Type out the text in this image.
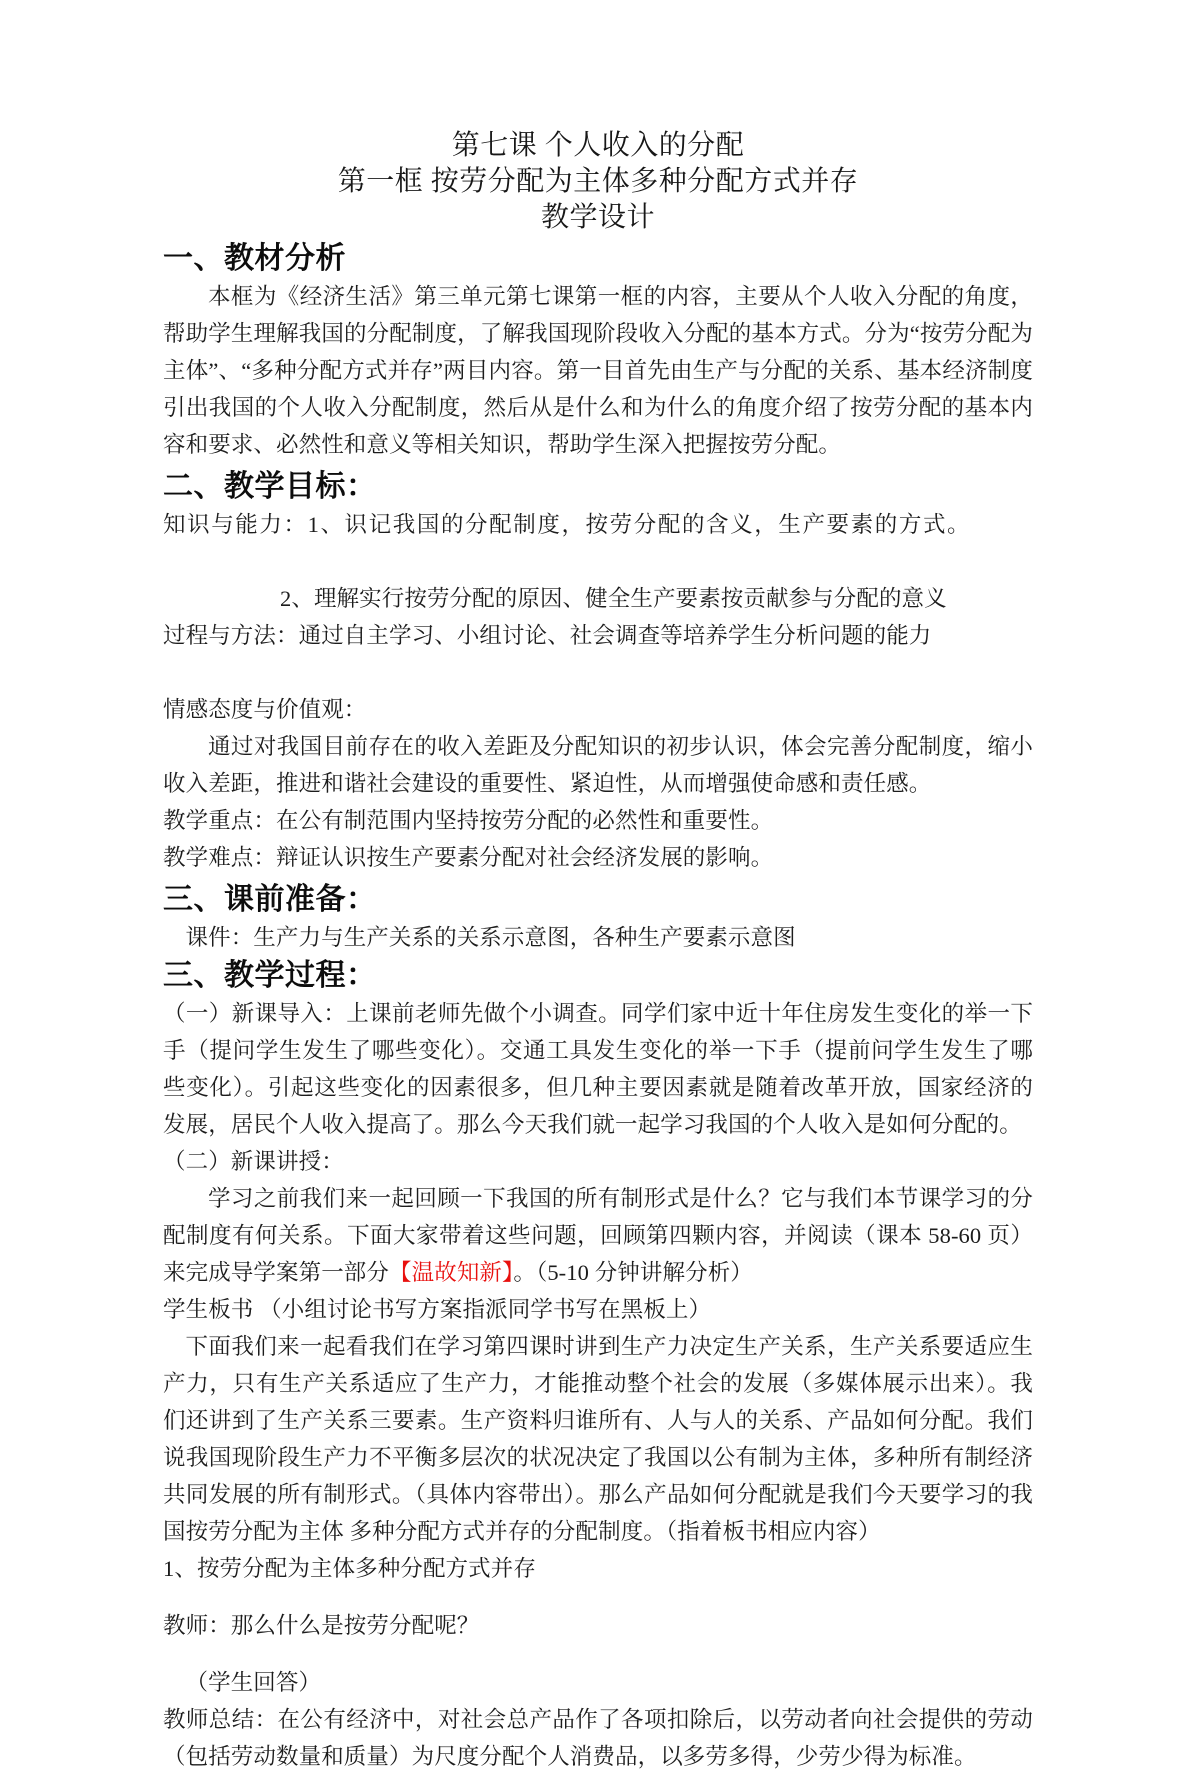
第七课 个人收入的分配
第一框 按劳分配为主体多种分配方式并存
教学设计
一、教材分析

本框为《经济生活》第三单元第七课第一框的内容，主要从个人收入分配的角度，帮助学生理解我国的分配制度，了解我国现阶段收入分配的基本方式。分为“按劳分配为主体”、“多种分配方式并存”两目内容。第一目首先由生产与分配的关系、基本经济制度引出我国的个人收入分配制度，然后从是什么和为什么的角度介绍了按劳分配的基本内容和要求、必然性和意义等相关知识，帮助学生深入把握按劳分配。

二、教学目标：

知识与能力：1、识记我国的分配制度，按劳分配的含义，生产要素的方式。

2、理解实行按劳分配的原因、健全生产要素按贡献参与分配的意义

过程与方法：通过自主学习、小组讨论、社会调查等培养学生分析问题的能力

情感态度与价值观：

通过对我国目前存在的收入差距及分配知识的初步认识，体会完善分配制度，缩小收入差距，推进和谐社会建设的重要性、紧迫性，从而增强使命感和责任感。

教学重点：在公有制范围内坚持按劳分配的必然性和重要性。

教学难点：辩证认识按生产要素分配对社会经济发展的影响。

三、课前准备：

课件：生产力与生产关系的关系示意图，各种生产要素示意图

三、教学过程：

（一）新课导入：上课前老师先做个小调查。同学们家中近十年住房发生变化的举一下手（提问学生发生了哪些变化）。交通工具发生变化的举一下手（提前问学生发生了哪些变化）。引起这些变化的因素很多，但几种主要因素就是随着改革开放，国家经济的发展，居民个人收入提高了。那么今天我们就一起学习我国的个人收入是如何分配的。

（二）新课讲授：

学习之前我们来一起回顾一下我国的所有制形式是什么？它与我们本节课学习的分配制度有何关系。下面大家带着这些问题，回顾第四颗内容，并阅读（课本 58-60 页）来完成导学案第一部分【温故知新】。（5-10 分钟讲解分析）

学生板书 （小组讨论书写方案指派同学书写在黑板上）

下面我们来一起看我们在学习第四课时讲到生产力决定生产关系，生产关系要适应生产力，只有生产关系适应了生产力，才能推动整个社会的发展（多媒体展示出来）。我们还讲到了生产关系三要素。生产资料归谁所有、人与人的关系、产品如何分配。我们说我国现阶段生产力不平衡多层次的状况决定了我国以公有制为主体，多种所有制经济共同发展的所有制形式。（具体内容带出）。那么产品如何分配就是我们今天要学习的我国按劳分配为主体 多种分配方式并存的分配制度。（指着板书相应内容）

1、按劳分配为主体多种分配方式并存

教师：那么什么是按劳分配呢？

（学生回答）

教师总结：在公有经济中，对社会总产品作了各项扣除后，以劳动者向社会提供的劳动（包括劳动数量和质量）为尺度分配个人消费品，以多劳多得，少劳少得为标准。
